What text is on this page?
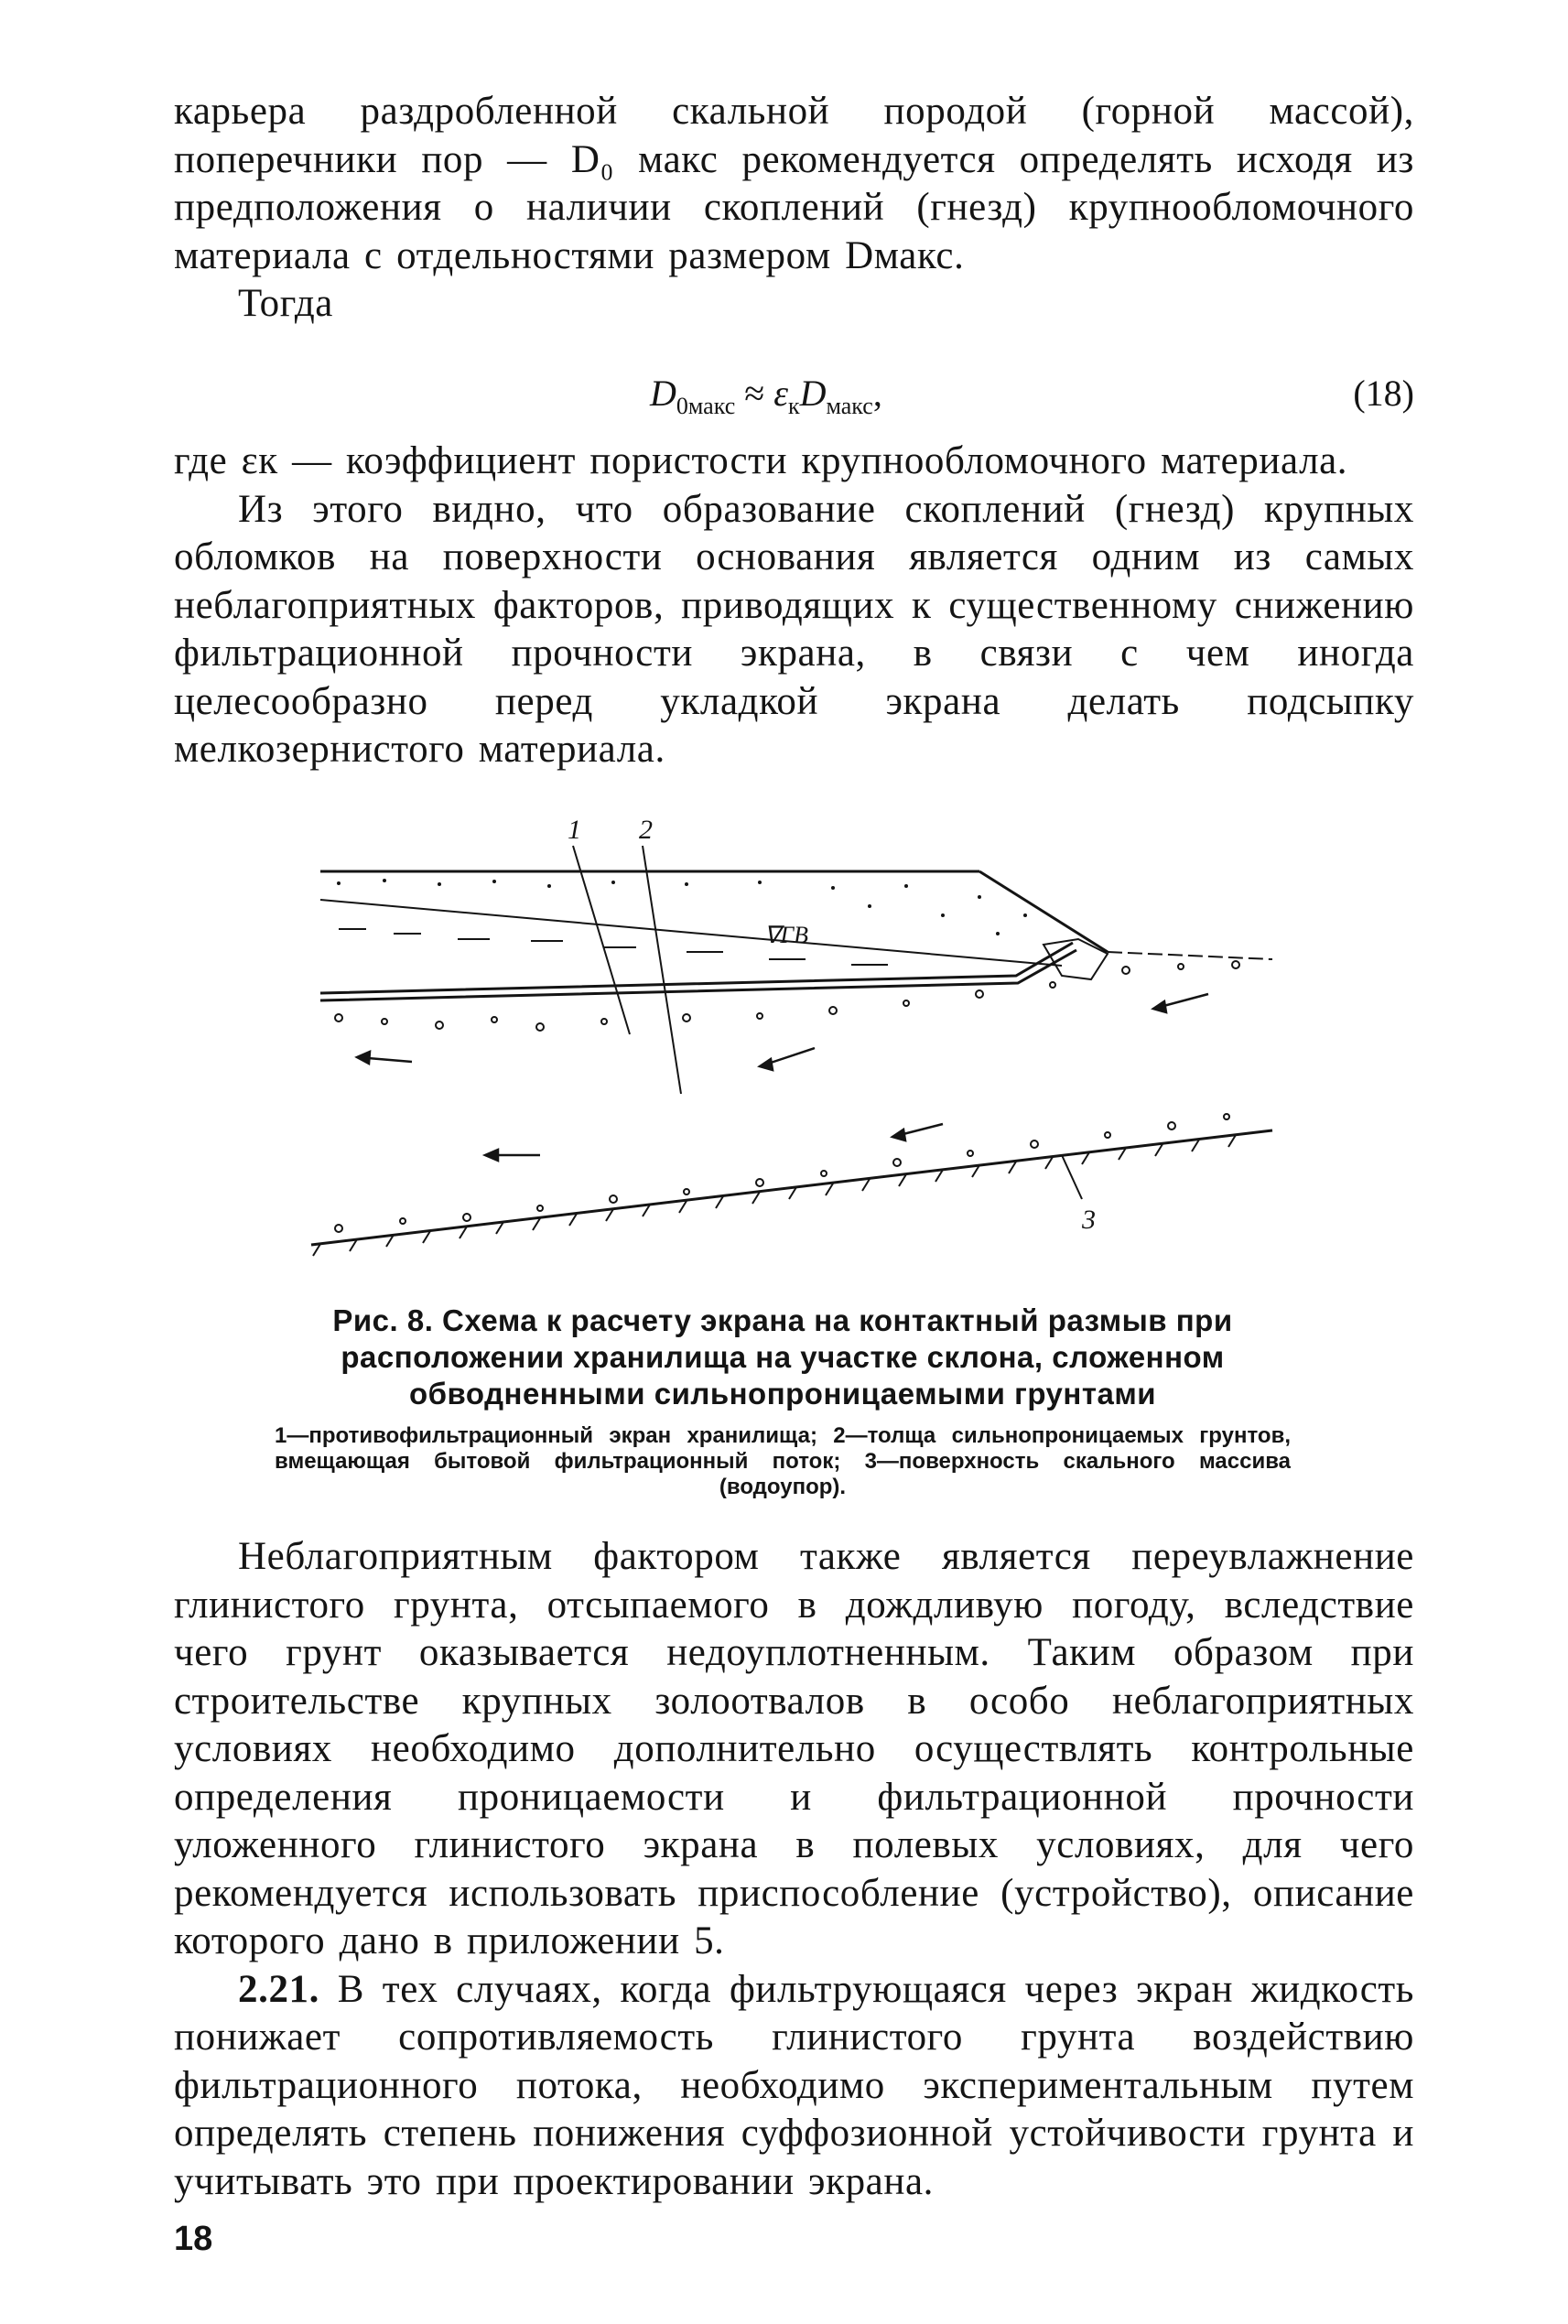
карьера раздробленной скальной породой (горной массой), поперечники пор — D₀ макс рекомендуется определять исходя из предположения о наличии скоплений (гнезд) крупнообломочного материала с отдельностями размером Dмакс.

Тогда

$D_{0макс} \approx \varepsilon_кD_{макс}$,	(18)

где εк — коэффициент пористости крупнообломочного материала.

Из этого видно, что образование скоплений (гнезд) крупных обломков на поверхности основания является одним из самых неблагоприятных факторов, приводящих к существенному снижению фильтрационной прочности экрана, в связи с чем иногда целесообразно перед укладкой экрана делать подсыпку мелкозернистого материала.

1 2
∇ГВ
3

Рис. 8. Схема к расчету экрана на контактный размыв при расположении хранилища на участке склона, сложенном обводненными сильнопроницаемыми грунтами

1—противофильтрационный экран хранилища; 2—толща сильнопроницаемых грунтов, вмещающая бытовой фильтрационный поток; 3—поверхность скального массива (водоупор).

Неблагоприятным фактором также является переувлажнение глинистого грунта, отсыпаемого в дождливую погоду, вследствие чего грунт оказывается недоуплотненным. Таким образом при строительстве крупных золоотвалов в особо неблагоприятных условиях необходимо дополнительно осуществлять контрольные определения проницаемости и фильтрационной прочности уложенного глинистого экрана в полевых условиях, для чего рекомендуется использовать приспособление (устройство), описание которого дано в приложении 5.

2.21. В тех случаях, когда фильтрующаяся через экран жидкость понижает сопротивляемость глинистого грунта воздействию фильтрационного потока, необходимо экспериментальным путем определять степень понижения суффозионной устойчивости грунта и учитывать это при проектировании экрана.

18
